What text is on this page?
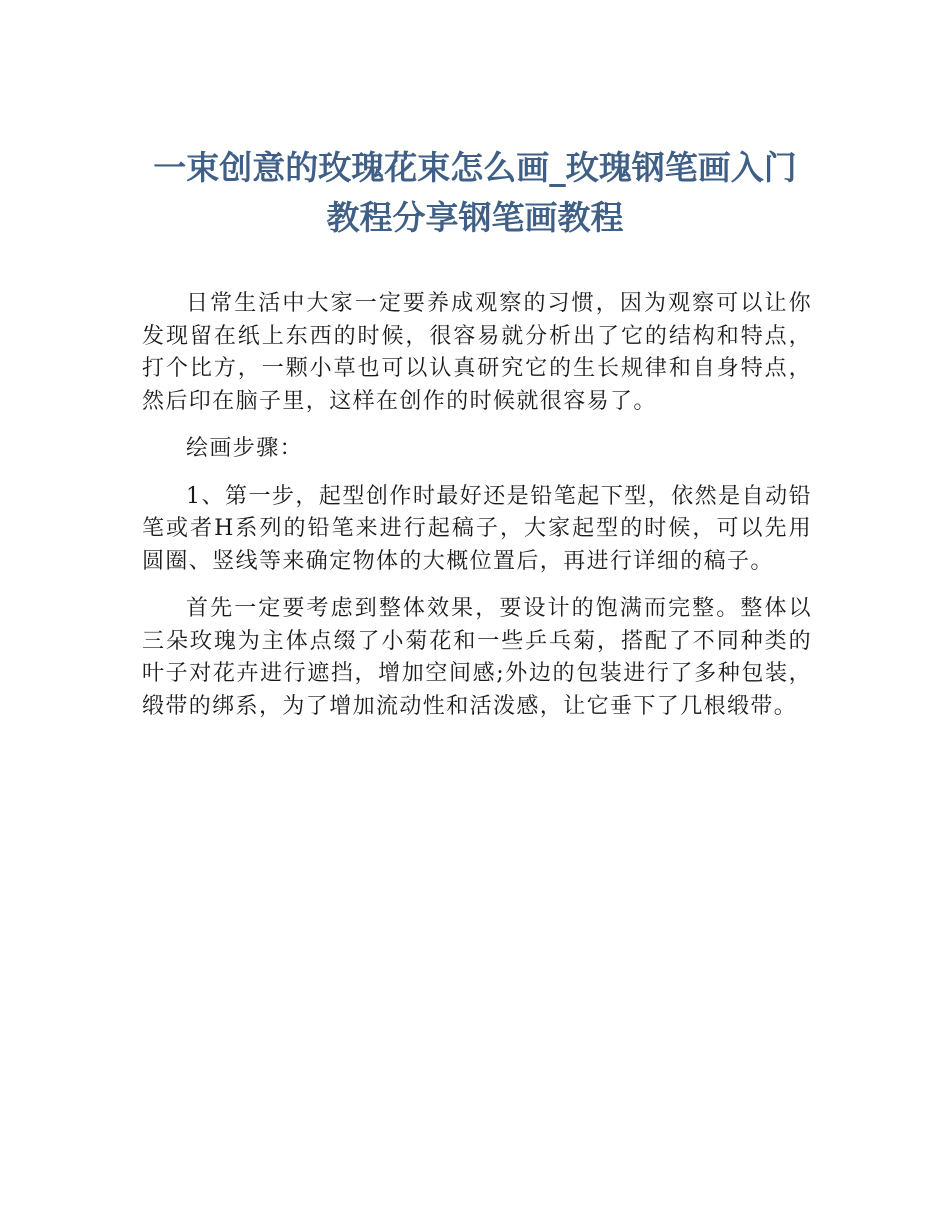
一束创意的玫瑰花束怎么画_玫瑰钢笔画入门
教程分享钢笔画教程

日常生活中大家一定要养成观察的习惯，因为观察可以让你发现留在纸上东西的时候，很容易就分析出了它的结构和特点，打个比方，一颗小草也可以认真研究它的生长规律和自身特点，然后印在脑子里，这样在创作的时候就很容易了。

绘画步骤：

1、第一步，起型创作时最好还是铅笔起下型，依然是自动铅笔或者H系列的铅笔来进行起稿子，大家起型的时候，可以先用圆圈、竖线等来确定物体的大概位置后，再进行详细的稿子。

首先一定要考虑到整体效果，要设计的饱满而完整。整体以三朵玫瑰为主体点缀了小菊花和一些乒乓菊，搭配了不同种类的叶子对花卉进行遮挡，增加空间感;外边的包装进行了多种包装，缎带的绑系，为了增加流动性和活泼感，让它垂下了几根缎带。
